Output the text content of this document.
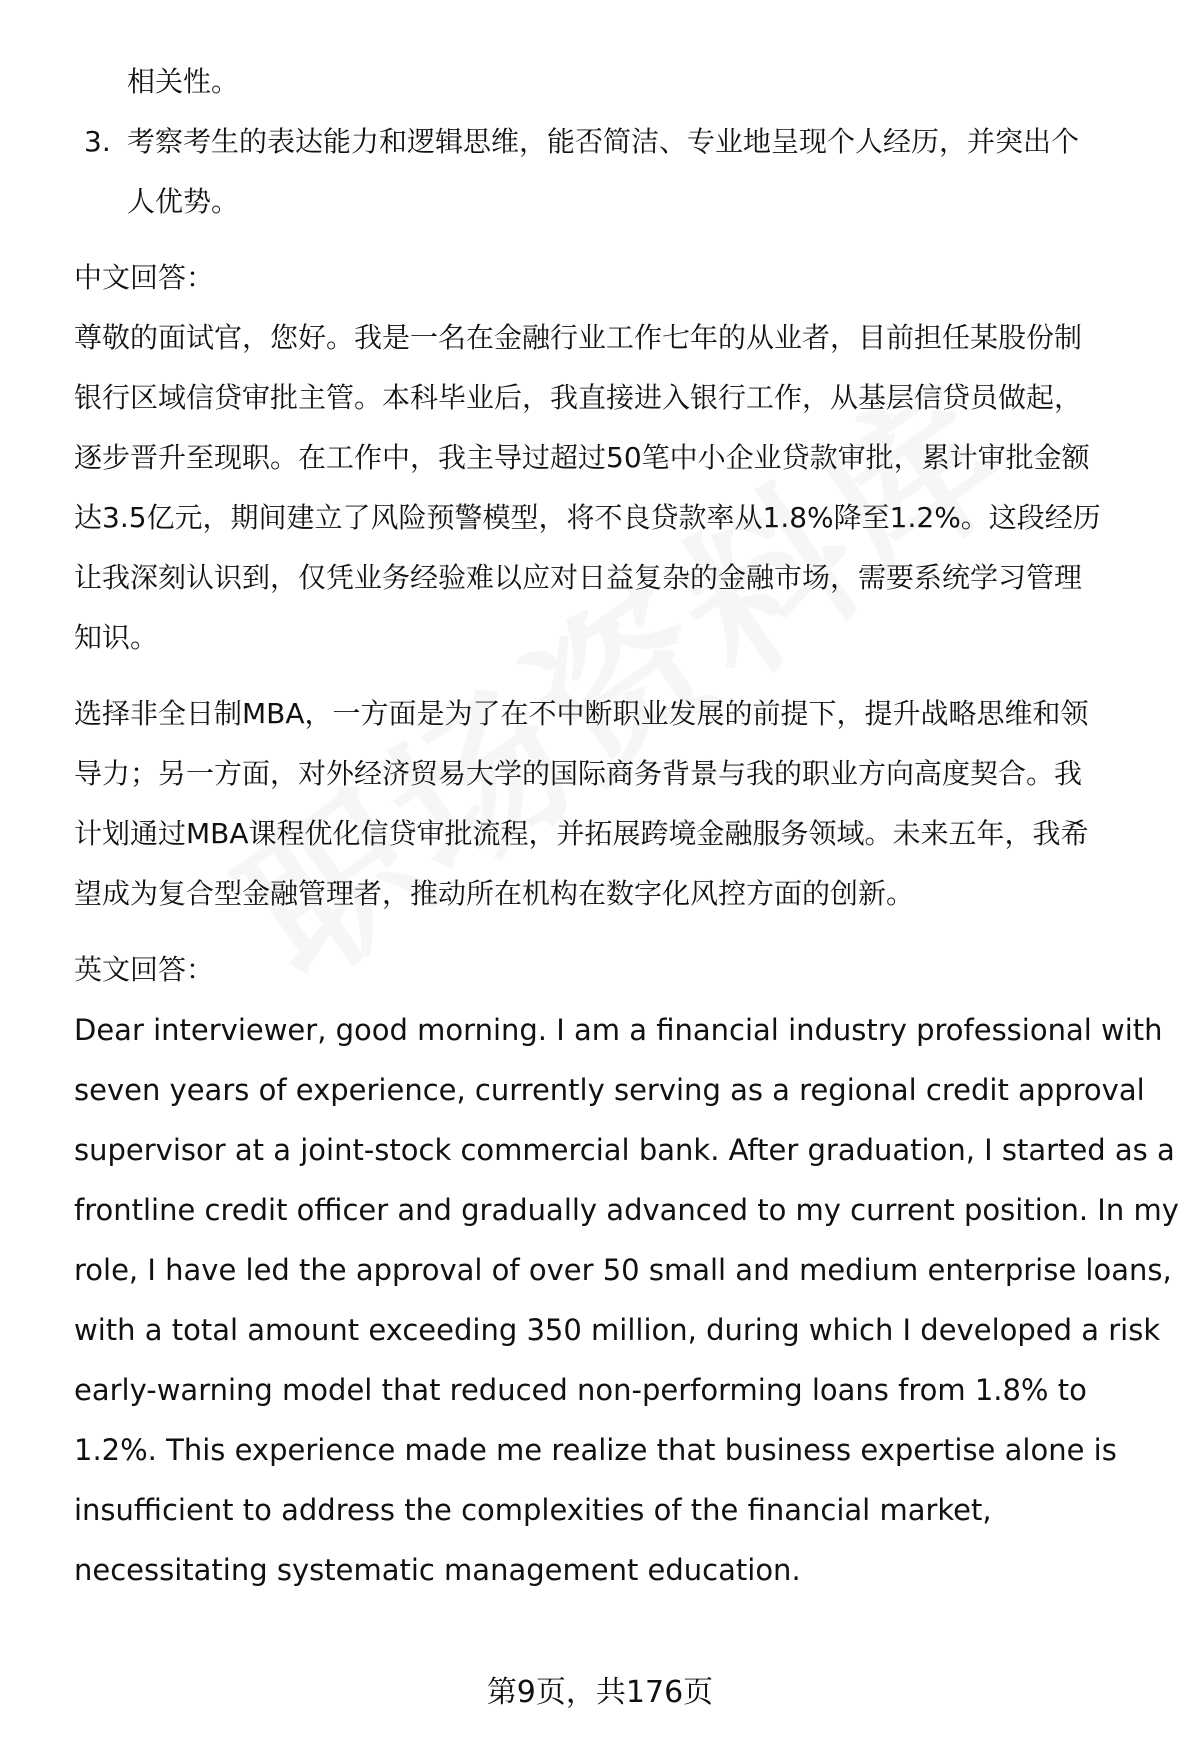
相关性。

3. 考察考生的表达能力和逻辑思维，能否简洁、专业地呈现个人经历，并突出个

人优势。

中文回答：

尊敬的面试官，您好。我是一名在金融行业工作七年的从业者，目前担任某股份制

银行区域信贷审批主管。本科毕业后，我直接进入银行工作，从基层信贷员做起，

逐步晋升至现职。在工作中，我主导过超过50笔中小企业贷款审批，累计审批金额

达3.5亿元，期间建立了风险预警模型，将不良贷款率从1.8%降至1.2%。这段经历

让我深刻认识到，仅凭业务经验难以应对日益复杂的金融市场，需要系统学习管理

知识。

选择非全日制MBA，一方面是为了在不中断职业发展的前提下，提升战略思维和领

导力；另一方面，对外经济贸易大学的国际商务背景与我的职业方向高度契合。我

计划通过MBA课程优化信贷审批流程，并拓展跨境金融服务领域。未来五年，我希

望成为复合型金融管理者，推动所在机构在数字化风控方面的创新。

英文回答：

Dear interviewer, good morning. I am a financial industry professional with

seven years of experience, currently serving as a regional credit approval

supervisor at a joint-stock commercial bank. After graduation, I started as a

frontline credit officer and gradually advanced to my current position. In my

role, I have led the approval of over 50 small and medium enterprise loans,

with a total amount exceeding 350 million, during which I developed a risk

early-warning model that reduced non-performing loans from 1.8% to

1.2%. This experience made me realize that business expertise alone is

insufficient to address the complexities of the financial market,

necessitating systematic management education.

第9页，共176页
